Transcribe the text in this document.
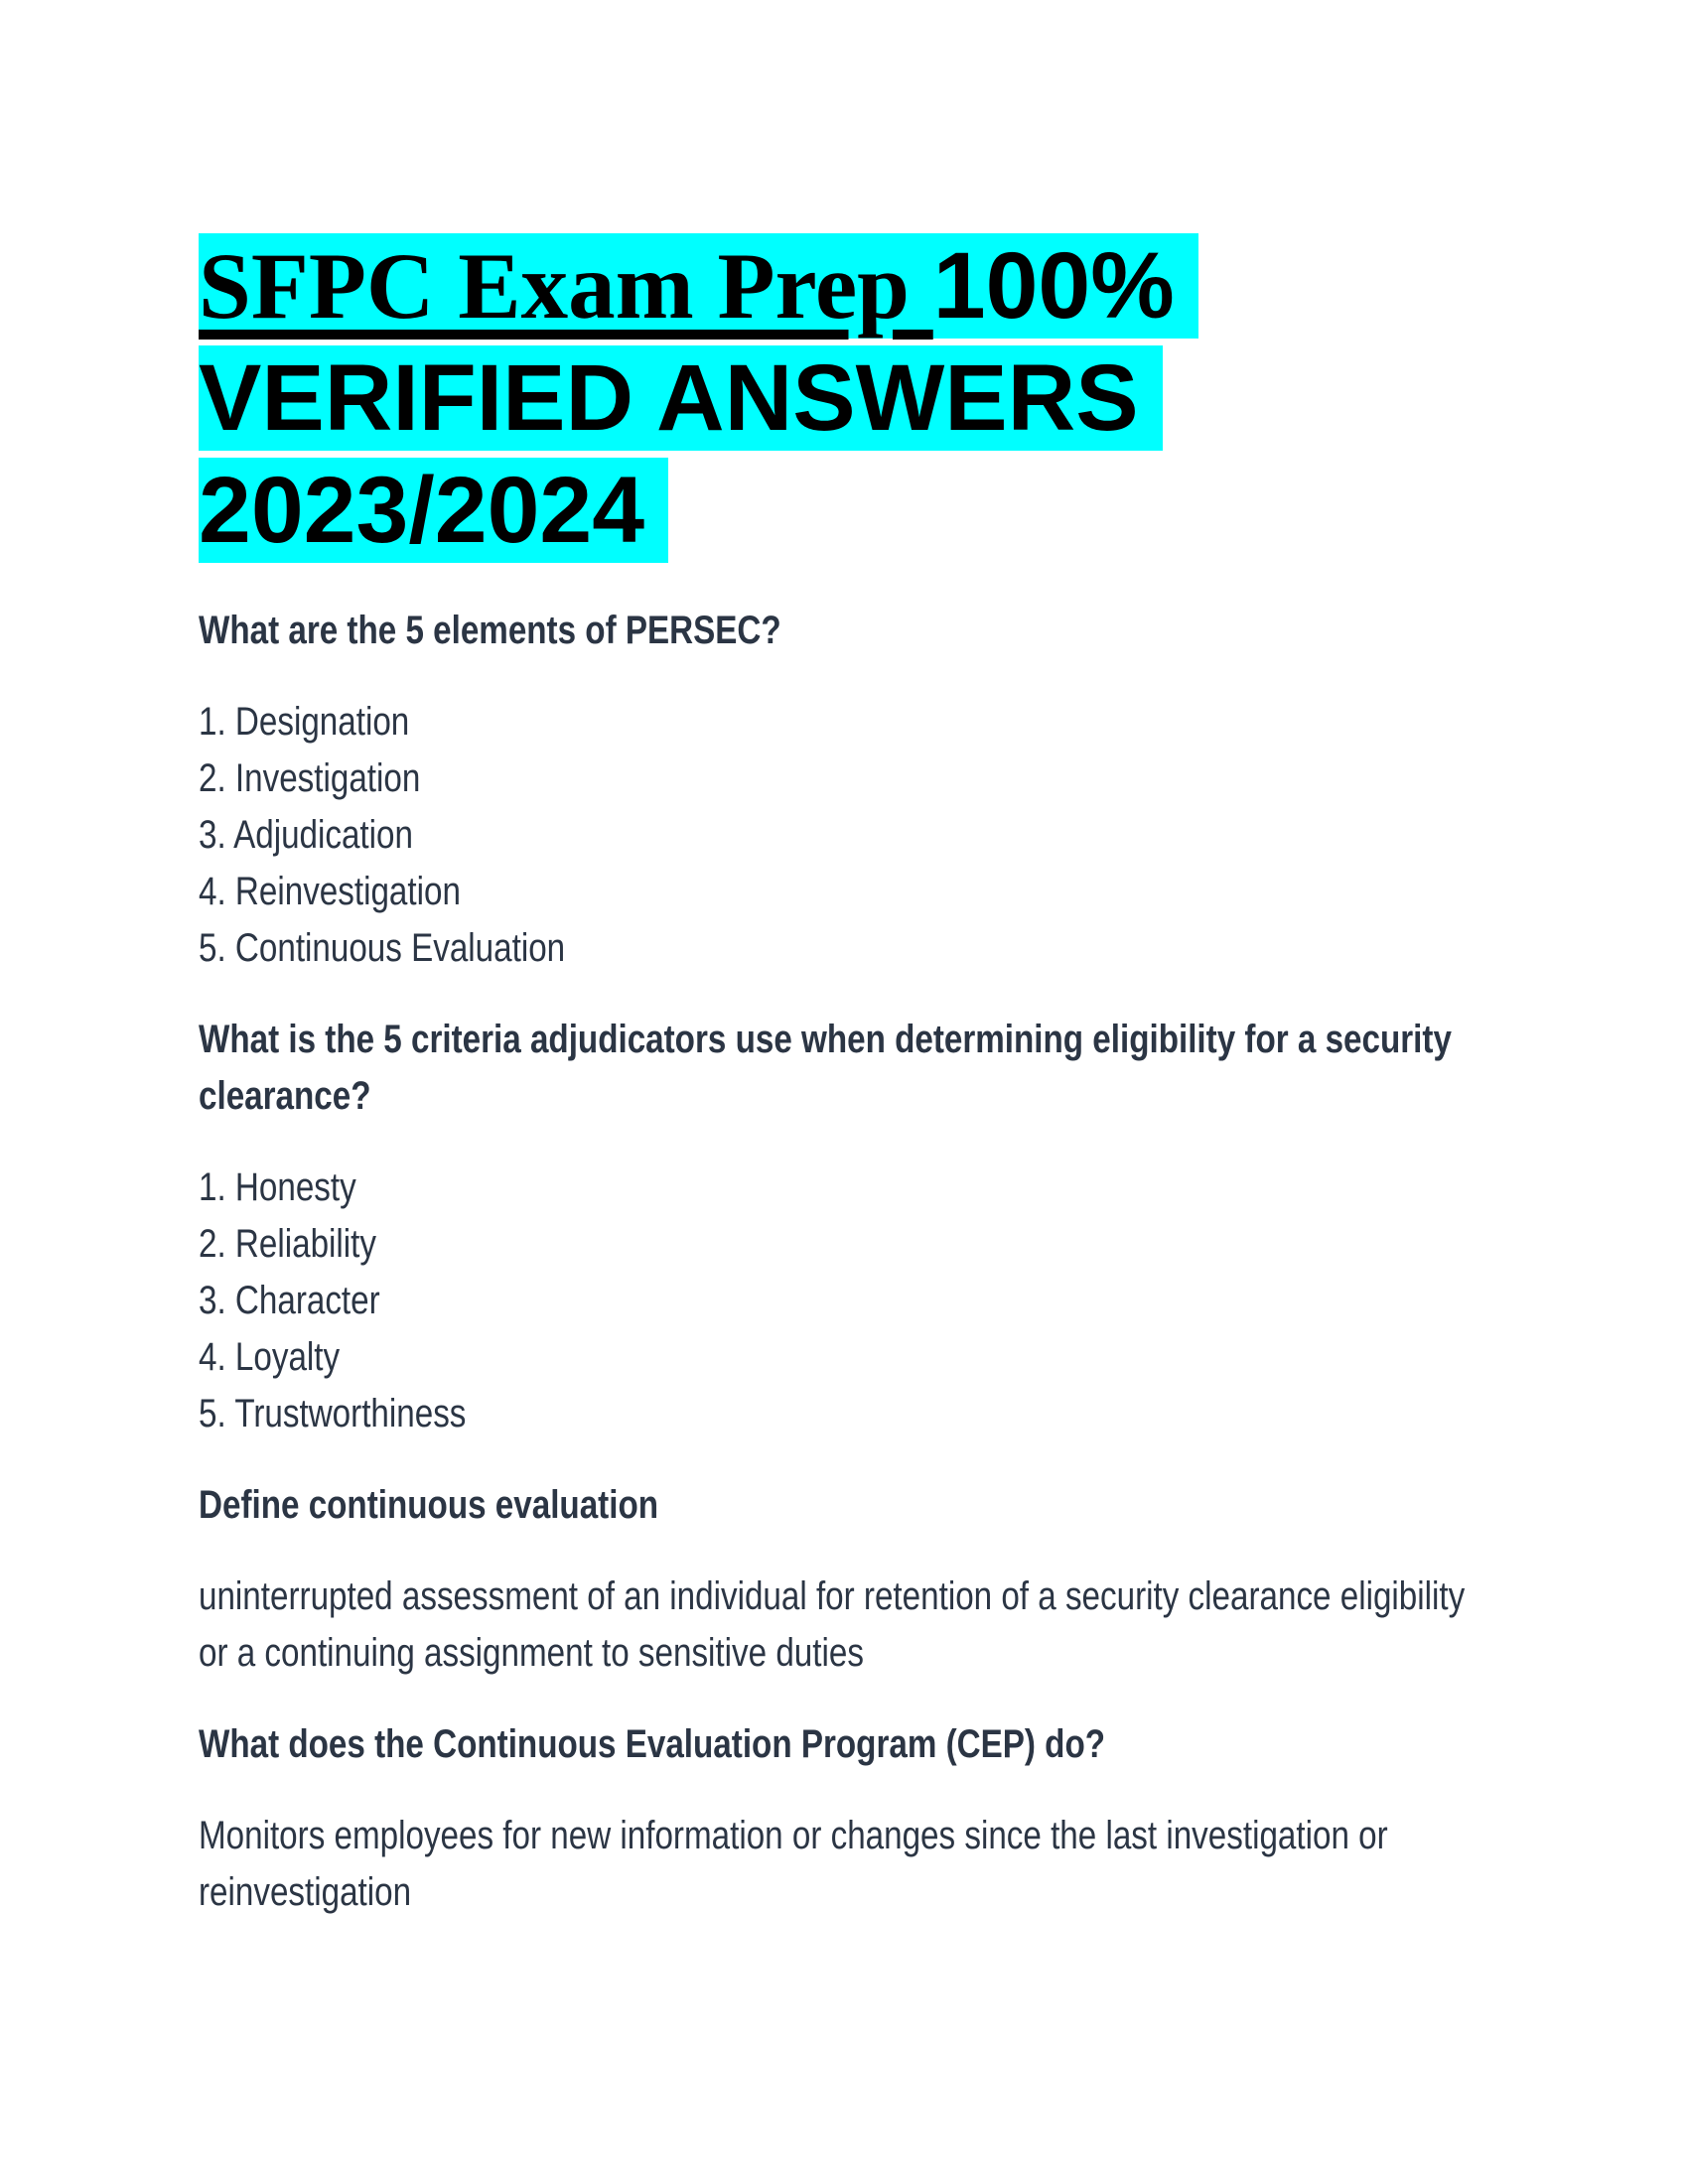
SFPC Exam Prep 100%
VERIFIED ANSWERS
2023/2024
What are the 5 elements of PERSEC?
1. Designation
2. Investigation
3. Adjudication
4. Reinvestigation
5. Continuous Evaluation
What is the 5 criteria adjudicators use when determining eligibility for a security clearance?
1. Honesty
2. Reliability
3. Character
4. Loyalty
5. Trustworthiness
Define continuous evaluation

uninterrupted assessment of an individual for retention of a security clearance eligibility or a continuing assignment to sensitive duties

What does the Continuous Evaluation Program (CEP) do?

Monitors employees for new information or changes since the last investigation or reinvestigation
